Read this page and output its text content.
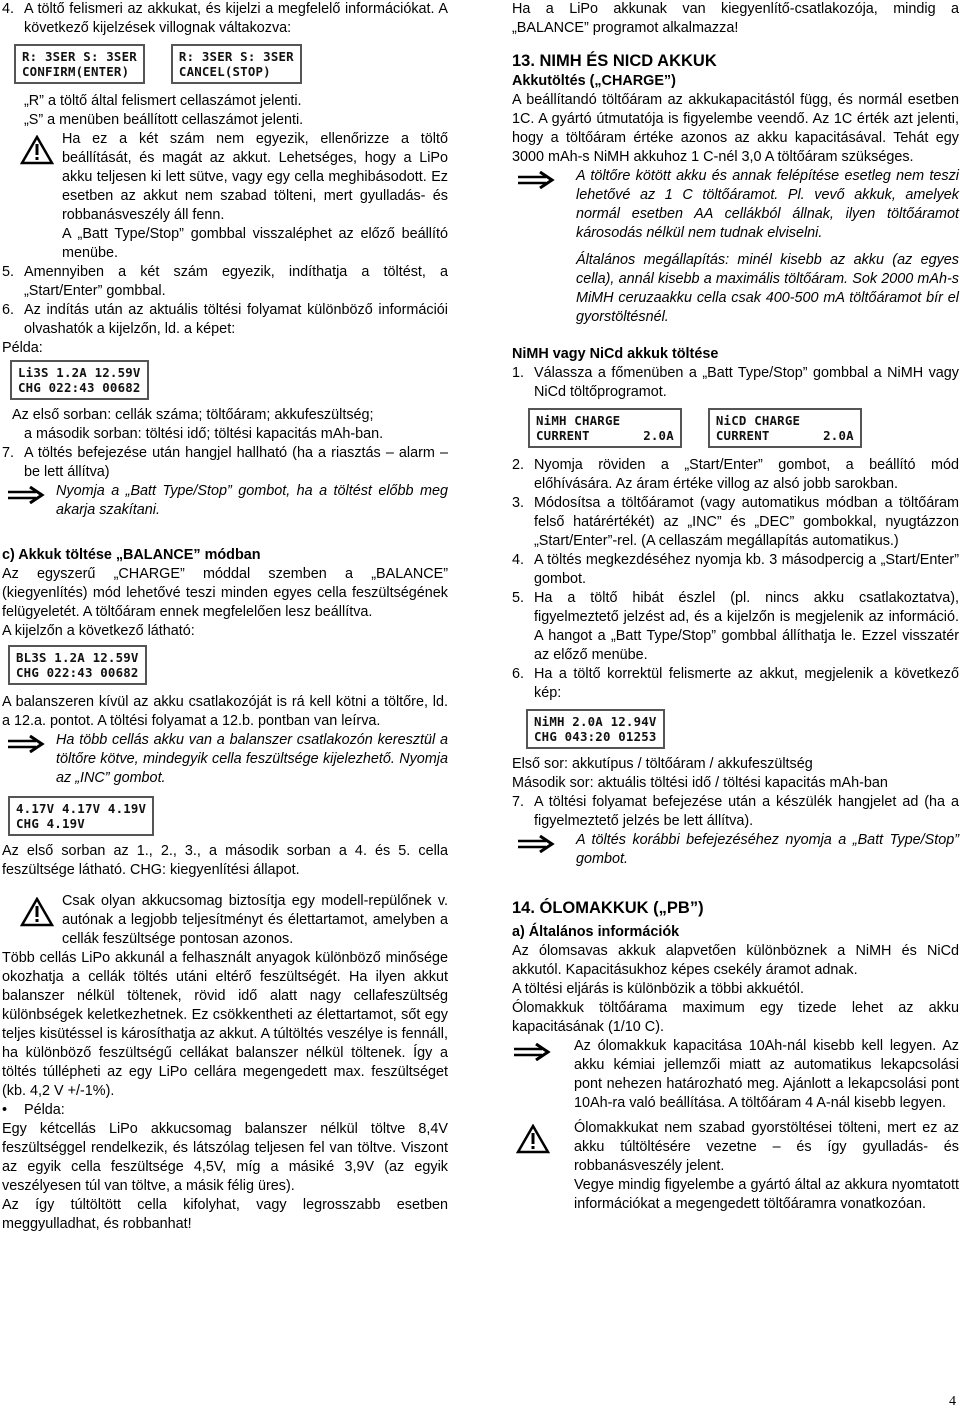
4. A töltő felismeri az akkukat, és kijelzi a megfelelő információkat. A következő kijelzések villognak váltakozva:
R: 3SER S: 3SER
CONFIRM(ENTER)
R: 3SER S: 3SER
CANCEL(STOP)

„R” a töltő által felismert cellaszámot jelenti.

„S” a menüben beállított cellaszámot jelenti.

Ha ez a két szám nem egyezik, ellenőrizze a töltő beállítását, és magát az akkut. Lehetséges, hogy a LiPo akku teljesen ki lett sütve, vagy egy cella meghibásodott. Ez esetben az akkut nem szabad tölteni, mert gyulladás- és robbanásveszély áll fenn.

A „Batt Type/Stop” gombbal visszaléphet az előző beállító menübe.

5. Amennyiben a két szám egyezik, indíthatja a töltést, a „Start/Enter” gombbal.
6. Az indítás után az aktuális töltési folyamat különböző információi olvashatók a kijelzőn, ld. a képet:

Példa:

Li3S 1.2A 12.59V
CHG 022:43 00682

Az első sorban: cellák száma; töltőáram; akkufeszültség;

a második sorban: töltési idő; töltési kapacitás mAh-ban.

7. A töltés befejezése után hangjel hallható (ha a riasztás – alarm – be lett állítva)

Nyomja a „Batt Type/Stop” gombot, ha a töltést előbb meg akarja szakítani.

c) Akkuk töltése „BALANCE” módban

Az egyszerű „CHARGE” móddal szemben a „BALANCE” (kiegyenlítés) mód lehetővé teszi minden egyes cella feszültségének felügyeletét. A töltőáram ennek megfelelően lesz beállítva.

A kijelzőn a következő látható:

BL3S 1.2A 12.59V
CHG 022:43 00682

A balanszeren kívül az akku csatlakozóját is rá kell kötni a töltőre, ld. a 12.a. pontot. A töltési folyamat a 12.b. pontban van leírva.

Ha több cellás akku van a balanszer csatlakozón keresztül a töltőre kötve, mindegyik cella feszültsége kijelezhető. Nyomja az „INC” gombot.

4.17V 4.17V 4.19V
CHG 4.19V

Az első sorban az 1., 2., 3., a második sorban a 4. és 5. cella feszültsége látható. CHG: kiegyenlítési állapot.

Csak olyan akkucsomag biztosítja egy modell-repülőnek v. autónak a legjobb teljesítményt és élettartamot, amelyben a cellák feszültsége pontosan azonos.

Több cellás LiPo akkunál a felhasznált anyagok különböző minősége okozhatja a cellák töltés utáni eltérő feszültségét. Ha ilyen akkut balanszer nélkül töltenek, rövid idő alatt nagy cellafeszültség különbségek keletkezhetnek. Ez csökkentheti az élettartamot, sőt egy teljes kisütéssel is károsíthatja az akkut. A túltöltés veszélye is fennáll, ha különböző feszültségű cellákat balanszer nélkül töltenek. Így a töltés túllépheti az egy LiPo cellára megengedett max. feszültséget (kb. 4,2 V +/-1%).

•	Példa:

Egy kétcellás LiPo akkucsomag balanszer nélkül töltve 8,4V feszültséggel rendelkezik, és látszólag teljesen fel van töltve. Viszont az egyik cella feszültsége 4,5V, míg a másiké 3,9V (az egyik veszélyesen túl van töltve, a másik félig üres).

Az így túltöltött cella kifolyhat, vagy legrosszabb esetben meggyulladhat, és robbanhat!

Ha a LiPo akkunak van kiegyenlítő-csatlakozója, mindig a „BALANCE” programot alkalmazza!

13. NIMH ÉS NICD AKKUK

Akkutöltés („CHARGE”)

A beállítandó töltőáram az akkukapacitástól függ, és normál esetben 1C. A gyártó útmutatója is figyelembe veendő. Az 1C érték azt jelenti, hogy a töltőáram értéke azonos az akku kapacitásával. Tehát egy 3000 mAh-s NiMH akkuhoz 1 C-nél 3,0 A töltőáram szükséges.

A töltőre kötött akku és annak felépítése esetleg nem teszi lehetővé az 1 C töltőáramot. Pl. vevő akkuk, amelyek normál esetben AA cellákból állnak, ilyen töltőáramot károsodás nélkül nem tudnak elviselni.

Általános megállapítás: minél kisebb az akku (az egyes cella), annál kisebb a maximális töltőáram. Sok 2000 mAh-s MiMH ceruzaakku cella csak 400-500 mA töltőáramot bír el gyorstöltésnél.

NiMH vagy NiCd akkuk töltése

1. Válassza a főmenüben a „Batt Type/Stop” gombbal a NiMH vagy NiCd töltőprogramot.
NiMH CHARGE
CURRENT       2.0A
NiCD CHARGE
CURRENT       2.0A
2. Nyomja röviden a „Start/Enter” gombot, a beállító mód előhívására. Az áram értéke villog az alsó jobb sarokban.
3. Módosítsa a töltőáramot (vagy automatikus módban a töltőáram felső határértékét) az „INC” és „DEC” gombokkal, nyugtázzon „Start/Enter”-rel. (A cellaszám megállapítás automatikus.)
4. A töltés megkezdéséhez nyomja kb. 3 másodpercig a „Start/Enter” gombot.
5. Ha a töltő hibát észlel (pl. nincs akku csatlakoztatva), figyelmeztető jelzést ad, és a kijelzőn is megjelenik az információ. A hangot a „Batt Type/Stop” gombbal állíthatja le. Ezzel visszatér az előző menübe.
6. Ha a töltő korrektül felismerte az akkut, megjelenik a következő kép:
NiMH 2.0A 12.94V
CHG 043:20 01253

Első sor: akkutípus / töltőáram / akkufeszültség

Második sor: aktuális töltési idő / töltési kapacitás mAh-ban

7. A töltési folyamat befejezése után a készülék hangjelet ad (ha a figyelmeztető jelzés be lett állítva).

A töltés korábbi befejezéséhez nyomja a „Batt Type/Stop” gombot.

14. ÓLOMAKKUK („PB”)

a) Általános információk

Az ólomsavas akkuk alapvetően különböznek a NiMH és NiCd akkutól. Kapacitásukhoz képes csekély áramot adnak.

A töltési eljárás is különbözik a többi akkuétól.

Ólomakkuk töltőárama maximum egy tizede lehet az akku kapacitásának (1/10 C).

Az ólomakkuk kapacitása 10Ah-nál kisebb kell legyen. Az akku kémiai jellemzői miatt az automatikus lekapcsolási pont nehezen határozható meg. Ajánlott a lekapcsolási pont 10Ah-ra való beállítása. A töltőáram 4 A-nál kisebb legyen.

Ólomakkukat nem szabad gyorstöltései tölteni, mert ez az akku túltöltésére vezetne – és így gyulladás- és robbanásveszély jelent.

Vegye mindig figyelembe a gyártó által az akkura nyomtatott információkat a megengedett töltőáramra vonatkozóan.

4
